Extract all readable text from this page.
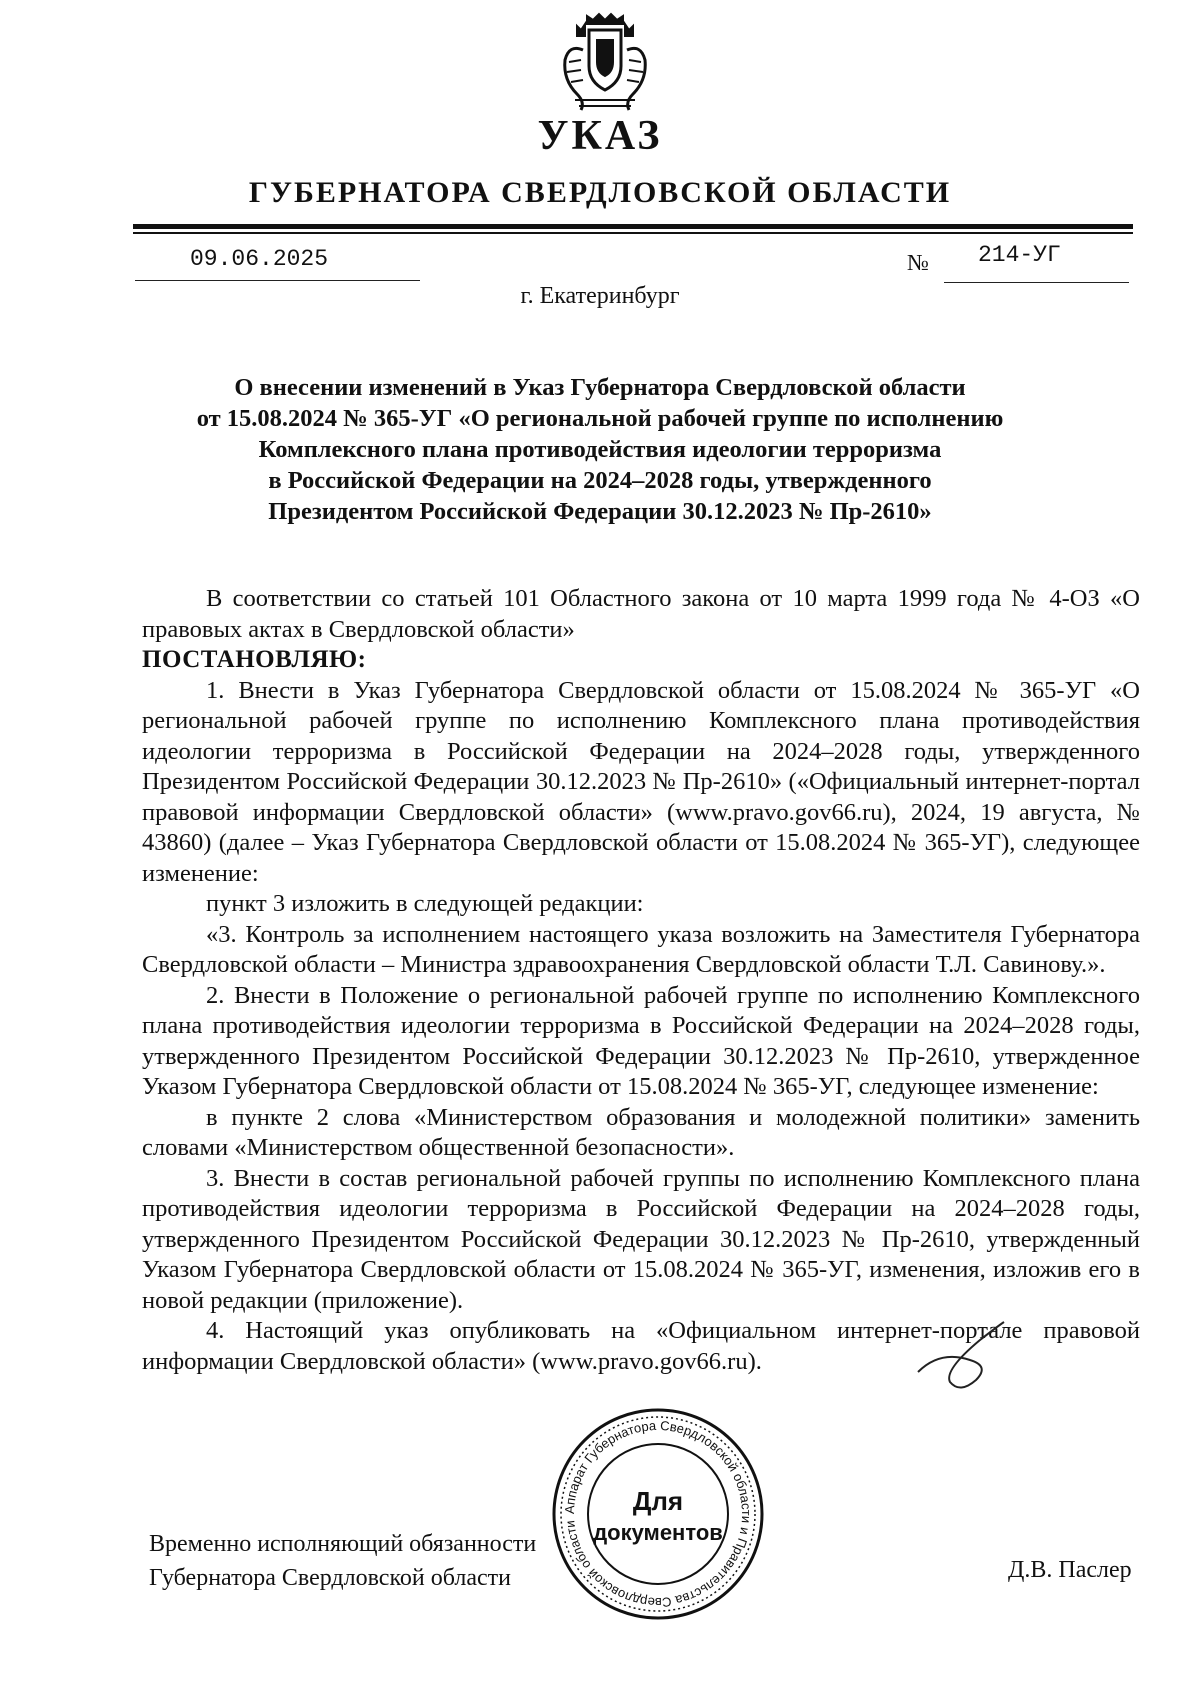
УКАЗ
ГУБЕРНАТОРА СВЕРДЛОВСКОЙ ОБЛАСТИ
09.06.2025	№ 214-УГ
г. Екатеринбург
О внесении изменений в Указ Губернатора Свердловской области
от 15.08.2024 № 365-УГ «О региональной рабочей группе по исполнению
Комплексного плана противодействия идеологии терроризма
в Российской Федерации на 2024–2028 годы, утвержденного
Президентом Российской Федерации 30.12.2023 № Пр-2610»

В соответствии со статьей 101 Областного закона от 10 марта 1999 года № 4-ОЗ «О правовых актах в Свердловской области»

ПОСТАНОВЛЯЮ:

1. Внести в Указ Губернатора Свердловской области от 15.08.2024 № 365-УГ «О региональной рабочей группе по исполнению Комплексного плана противодействия идеологии терроризма в Российской Федерации на 2024–2028 годы, утвержденного Президентом Российской Федерации 30.12.2023 № Пр-2610» («Официальный интернет-портал правовой информации Свердловской области» (www.pravo.gov66.ru), 2024, 19 августа, № 43860) (далее – Указ Губернатора Свердловской области от 15.08.2024 № 365-УГ), следующее изменение:

пункт 3 изложить в следующей редакции:

«3. Контроль за исполнением настоящего указа возложить на Заместителя Губернатора Свердловской области – Министра здравоохранения Свердловской области Т.Л. Савинову.».

2. Внести в Положение о региональной рабочей группе по исполнению Комплексного плана противодействия идеологии терроризма в Российской Федерации на 2024–2028 годы, утвержденного Президентом Российской Федерации 30.12.2023 № Пр-2610, утвержденное Указом Губернатора Свердловской области от 15.08.2024 № 365-УГ, следующее изменение:

в пункте 2 слова «Министерством образования и молодежной политики» заменить словами «Министерством общественной безопасности».

3. Внести в состав региональной рабочей группы по исполнению Комплексного плана противодействия идеологии терроризма в Российской Федерации на 2024–2028 годы, утвержденного Президентом Российской Федерации 30.12.2023 № Пр-2610, утвержденный Указом Губернатора Свердловской области от 15.08.2024 № 365-УГ, изменения, изложив его в новой редакции (приложение).

4. Настоящий указ опубликовать на «Официальном интернет-портале правовой информации Свердловской области» (www.pravo.gov66.ru).

Временно исполняющий обязанности
Губернатора Свердловской области	Д.В. Паслер
Аппарат Губернатора Свердловской области и Правительства Свердловской области
Для
документов
